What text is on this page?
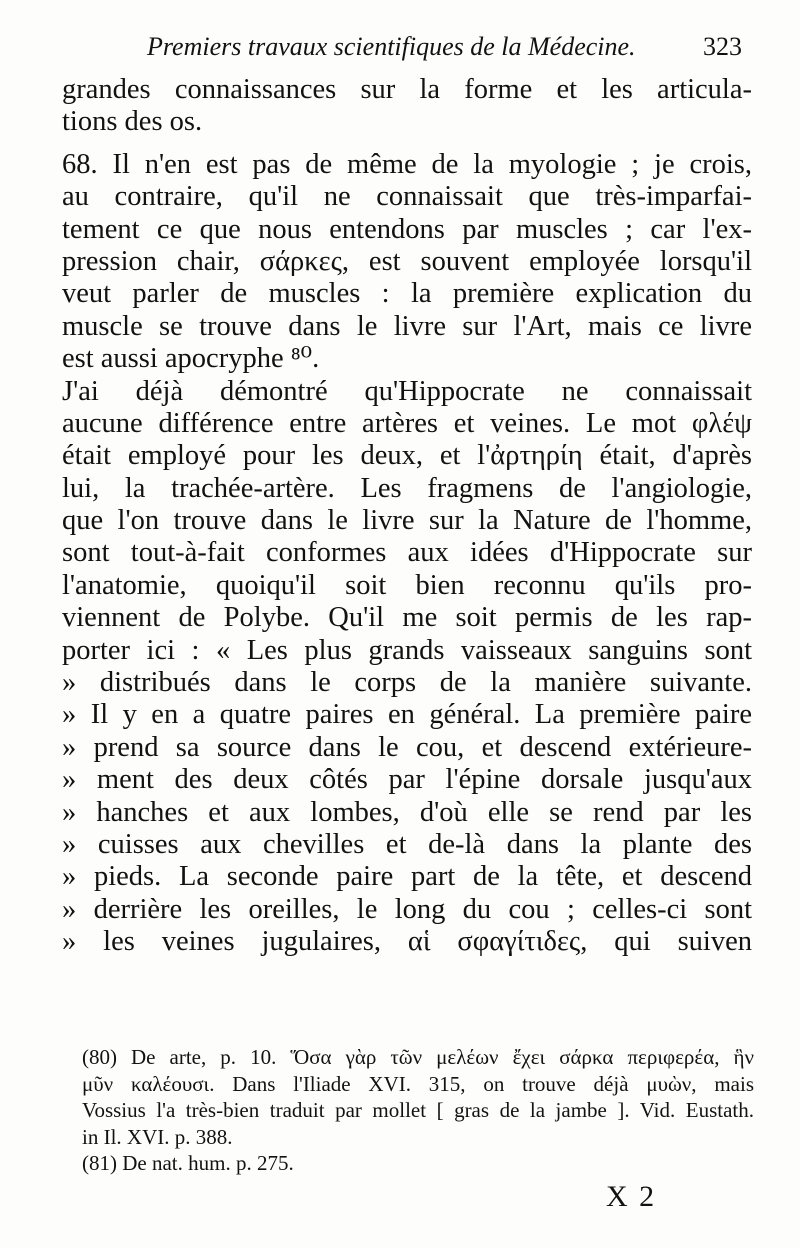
Premiers travaux scientifiques de la Médecine.	323
grandes connaissances sur la forme et les articula-
tions des os.
68. Il n'en est pas de même de la myologie ; je crois,
au contraire, qu'il ne connaissait que très-imparfai-
tement ce que nous entendons par muscles ; car l'ex-
pression chair, σάρκες, est souvent employée lorsqu'il
veut parler de muscles : la première explication du
muscle se trouve dans le livre sur l'Art, mais ce livre
est aussi apocryphe ⁸⁰.
J'ai déjà démontré qu'Hippocrate ne connaissait
aucune différence entre artères et veines. Le mot φλέψ
était employé pour les deux, et l'ἀρτηρίη était, d'après
lui, la trachée-artère. Les fragmens de l'angiologie,
que l'on trouve dans le livre sur la Nature de l'homme,
sont tout-à-fait conformes aux idées d'Hippocrate sur
l'anatomie, quoiqu'il soit bien reconnu qu'ils pro-
viennent de Polybe. Qu'il me soit permis de les rap-
porter ici : « Les plus grands vaisseaux sanguins sont
» distribués dans le corps de la manière suivante.
» Il y en a quatre paires en général. La première paire
» prend sa source dans le cou, et descend extérieure-
» ment des deux côtés par l'épine dorsale jusqu'aux
» hanches et aux lombes, d'où elle se rend par les
» cuisses aux chevilles et de-là dans la plante des
» pieds. La seconde paire part de la tête, et descend
» derrière les oreilles, le long du cou ; celles-ci sont
» les veines jugulaires, αἱ σφαγίτιδες, qui suiven
(80) De arte, p. 10. Ὅσα γὰρ τῶν μελέων ἔχει σάρκα περιφερέα, ἣν
μῦν καλέουσι. Dans l'Iliade XVI. 315, on trouve déjà μυὼν, mais
Vossius l'a très-bien traduit par mollet [ gras de la jambe ]. Vid. Eustath.
in Il. XVI. p. 388.
(81) De nat. hum. p. 275.
X 2
